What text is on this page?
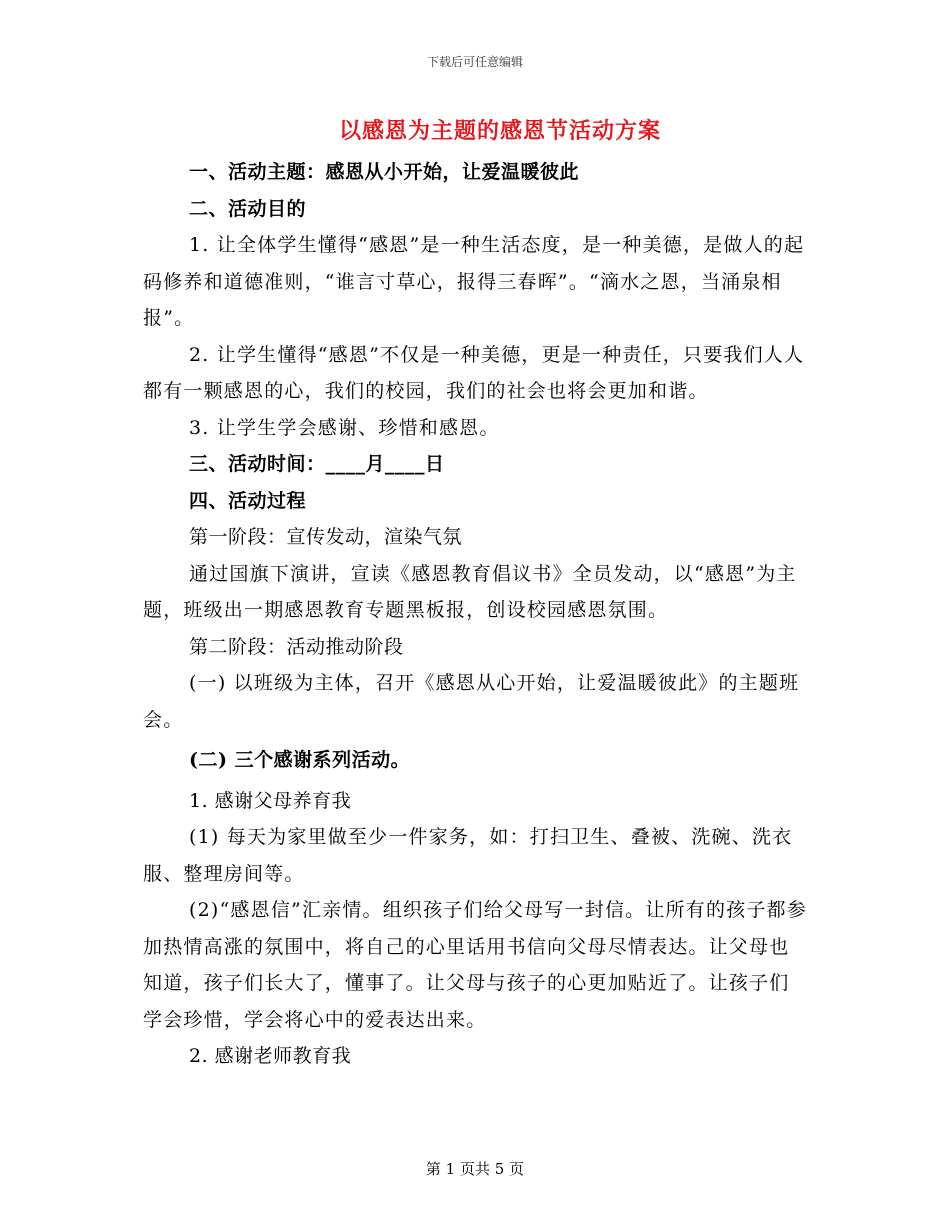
下载后可任意编辑
以感恩为主题的感恩节活动方案

一、活动主题：感恩从小开始，让爱温暖彼此

二、活动目的

1. 让全体学生懂得“感恩”是一种生活态度，是一种美德，是做人的起码修养和道德准则，“谁言寸草心，报得三春晖”。“滴水之恩，当涌泉相报”。

2. 让学生懂得“感恩”不仅是一种美德，更是一种责任，只要我们人人都有一颗感恩的心，我们的校园，我们的社会也将会更加和谐。

3. 让学生学会感谢、珍惜和感恩。

三、活动时间：____月____日

四、活动过程

第一阶段：宣传发动，渲染气氛

通过国旗下演讲，宣读《感恩教育倡议书》全员发动，以“感恩”为主题，班级出一期感恩教育专题黑板报，创设校园感恩氛围。

第二阶段：活动推动阶段

(一) 以班级为主体，召开《感恩从心开始，让爱温暖彼此》的主题班会。

(二) 三个感谢系列活动。

1. 感谢父母养育我

(1) 每天为家里做至少一件家务，如：打扫卫生、叠被、洗碗、洗衣服、整理房间等。

(2)“感恩信”汇亲情。组织孩子们给父母写一封信。让所有的孩子都参加热情高涨的氛围中，将自己的心里话用书信向父母尽情表达。让父母也知道，孩子们长大了，懂事了。让父母与孩子的心更加贴近了。让孩子们学会珍惜，学会将心中的爱表达出来。

2. 感谢老师教育我

第 1 页共 5 页
